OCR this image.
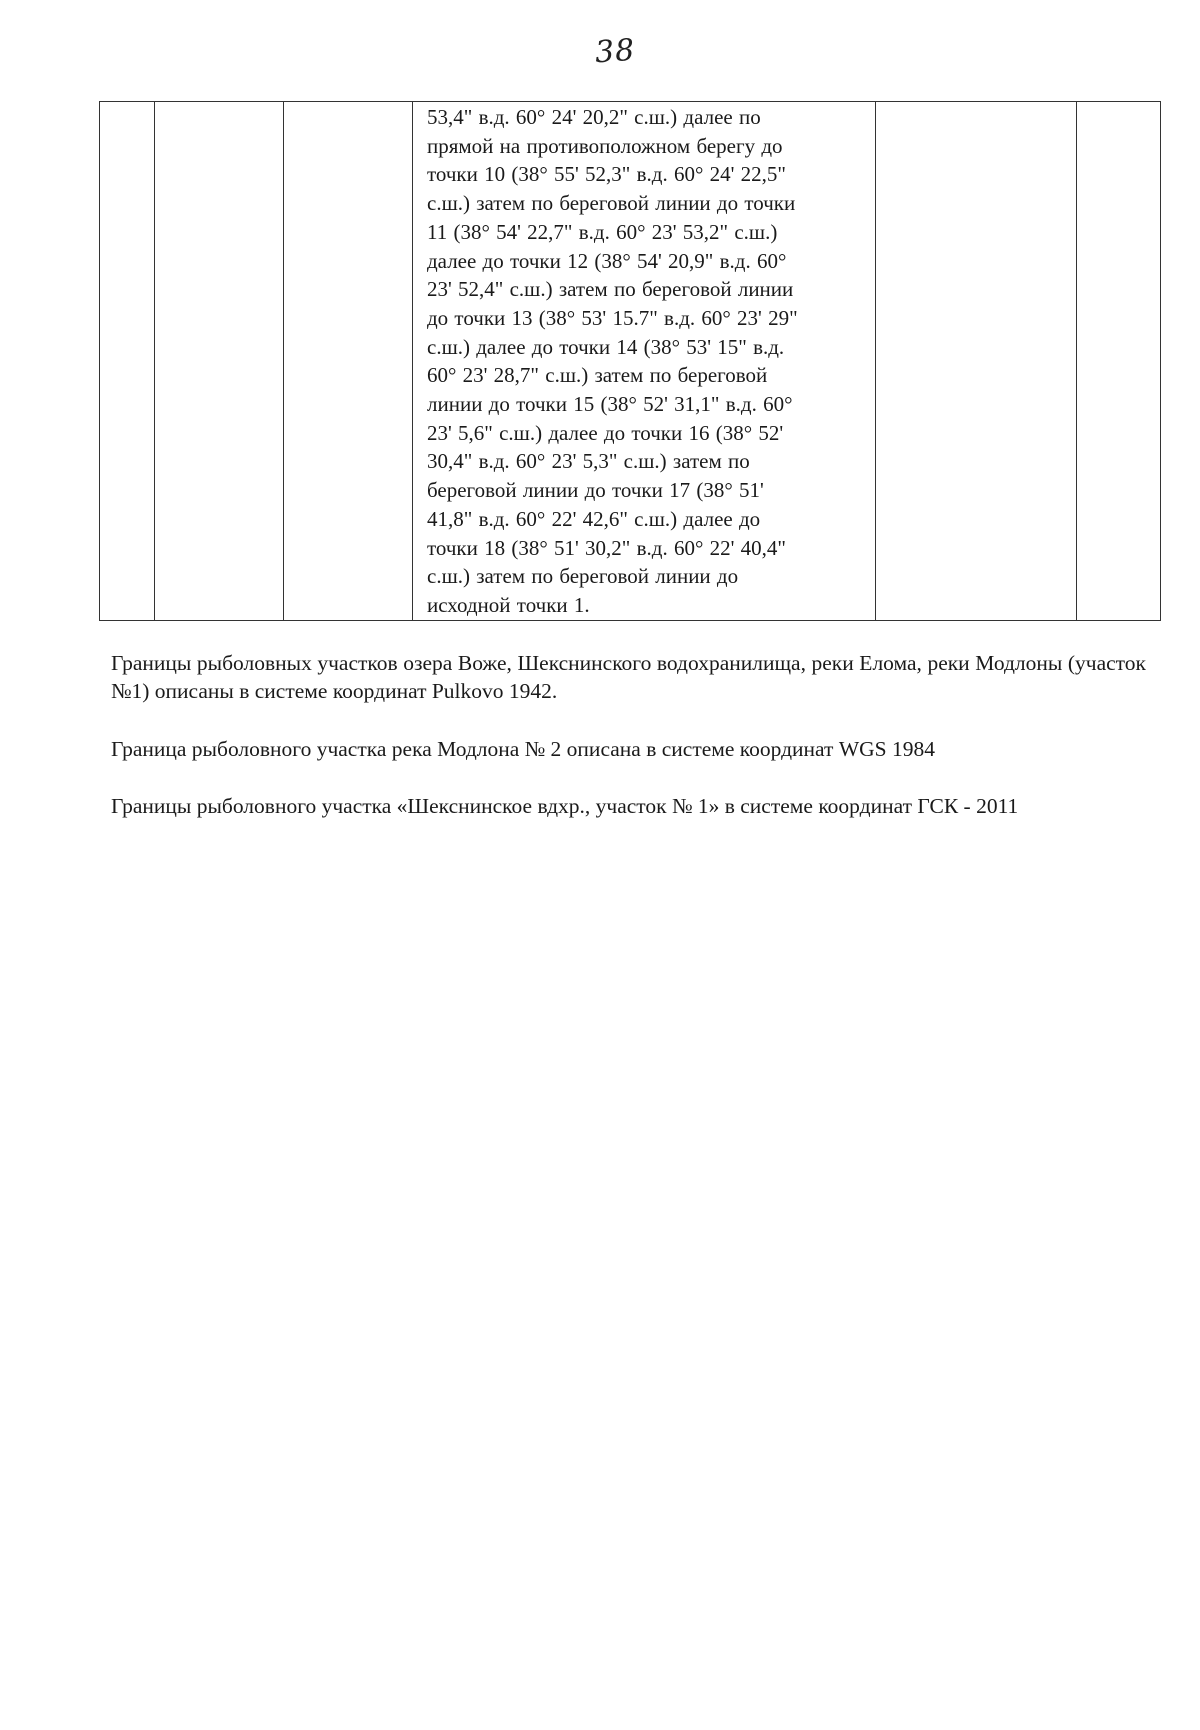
38

53,4" в.д. 60° 24' 20,2" с.ш.) далее по
прямой на противоположном берегу до
точки 10 (38° 55' 52,3" в.д. 60° 24' 22,5"
с.ш.) затем по береговой линии до точки
11 (38° 54' 22,7" в.д. 60° 23' 53,2" с.ш.)
далее до точки 12 (38° 54' 20,9" в.д. 60°
23' 52,4" с.ш.) затем по береговой линии
до точки 13 (38° 53' 15.7" в.д. 60° 23' 29"
с.ш.) далее до точки 14 (38° 53' 15" в.д.
60° 23' 28,7" с.ш.) затем по береговой
линии до точки 15 (38° 52' 31,1" в.д. 60°
23' 5,6" с.ш.) далее до точки 16 (38° 52'
30,4" в.д. 60° 23' 5,3" с.ш.) затем по
береговой линии до точки 17 (38° 51'
41,8" в.д. 60° 22' 42,6" с.ш.) далее до
точки 18 (38° 51' 30,2" в.д. 60° 22' 40,4"
с.ш.) затем по береговой линии до
исходной точки 1.

Границы рыболовных участков озера Воже, Шекснинского водохранилища, реки Елома, реки Модлоны (участок №1) описаны в системе координат Pulkovo 1942.
Граница рыболовного участка река Модлона № 2 описана в системе координат WGS 1984
Границы рыболовного участка «Шекснинское вдхр., участок № 1» в системе координат ГСК - 2011
